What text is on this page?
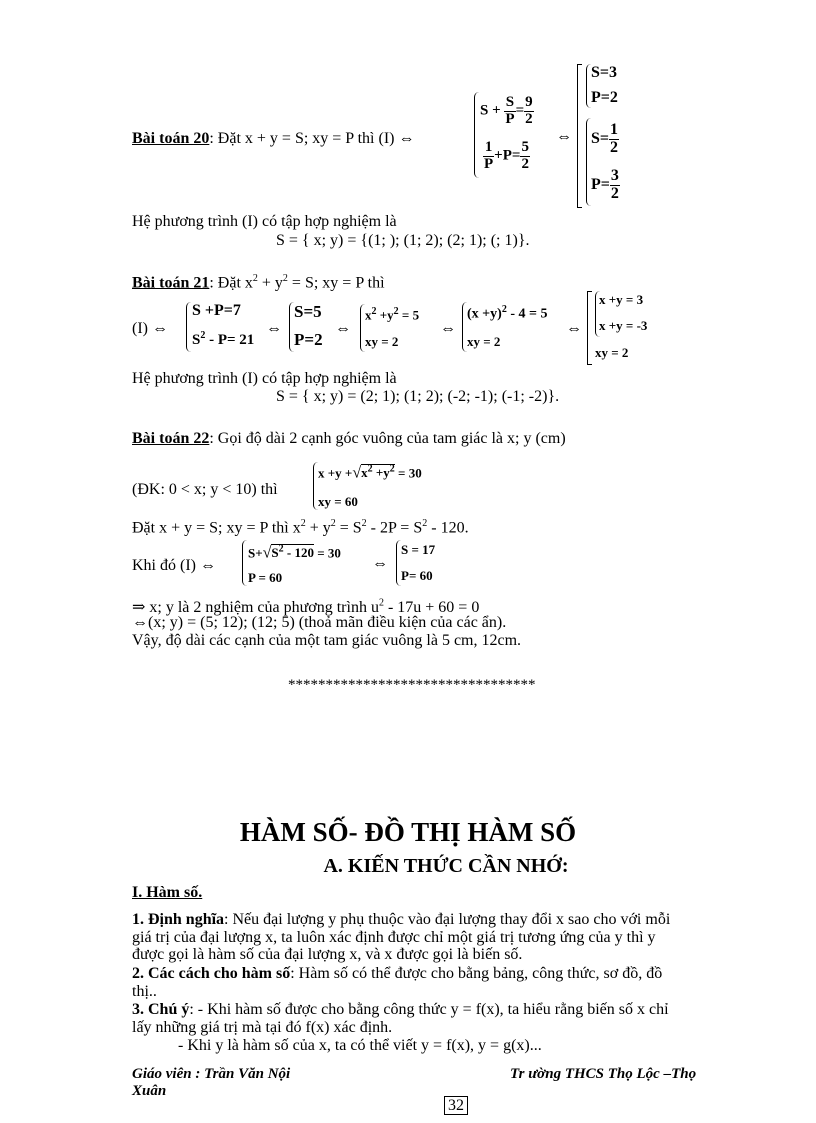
Bài toán 20: Đặt x + y = S; xy = P thì (I) ⇔
$S + \frac{S}{P} = \frac{9}{2}$
$\frac{1}{P} +P= \frac{5}{2}$
⇔
S=3
P=2
$S= \frac{1}{2}$
$P= \frac{3}{2}$
Hệ phương trình (I) có tập hợp nghiệm là
S = { x; y) = {(1; ); (1; 2); (2; 1); (; 1)}.
Bài toán 21: Đặt $x^2 + y^2 = S$; xy = P thì
(I) ⇔
S +P=7
$S^2 - P= 21$
⇔
S=5
P=2
⇔
$x^2 +y^2 = 5$
xy = 2
⇔
$(x +y)^2 - 4 = 5$
xy = 2
⇔
x +y = 3
x +y = -3
xy = 2
Hệ phương trình (I) có tập hợp nghiệm là
S = { x; y) = (2; 1); (1; 2); (-2; -1); (-1; -2)}.
Bài toán 22: Gọi độ dài 2 cạnh góc vuông của tam giác là x; y (cm)
(ĐK: 0 < x; y < 10) thì
$x +y +√x^2 +y^2 = 30$
xy = 60
Đặt x + y = S; xy = P thì $x^2 + y^2 = S^2 - 2P = S^2 - 120$.
Khi đó (I) ⇔
$S+√S^2 - 120 = 30$
P = 60
⇔
S = 17
P= 60
⇒ x; y là 2 nghiệm của phương trình $u^2 - 17u + 60 = 0$
⇔(x; y) = (5; 12); (12; 5) (thoả mãn điều kiện của các ẩn).
Vậy, độ dài các cạnh của một tam giác vuông là 5 cm, 12cm.
*********************************
HÀM SỐ- ĐỒ THỊ HÀM SỐ
A. KIẾN THỨC CẦN NHỚ:
I. Hàm số.
1. Định nghĩa: Nếu đại lượng y phụ thuộc vào đại lượng thay đổi x sao cho với mỗi
giá trị của đại lượng x, ta luôn xác định được chỉ một giá trị tương ứng của y thì y
được gọi là hàm số của đại lượng x, và x được gọi là biến số.
2. Các cách cho hàm số: Hàm số có thể được cho bằng bảng, công thức, sơ đồ, đồ
thị..
3. Chú ý: - Khi hàm số được cho bằng công thức y = f(x), ta hiểu rằng biến số x chỉ
lấy những giá trị mà tại đó f(x) xác định.
- Khi y là hàm số của x, ta có thể viết y = f(x), y = g(x)...
Giáo viên : Trần Văn Nội
Xuân
Tr ường THCS Thọ Lộc –Thọ
32
